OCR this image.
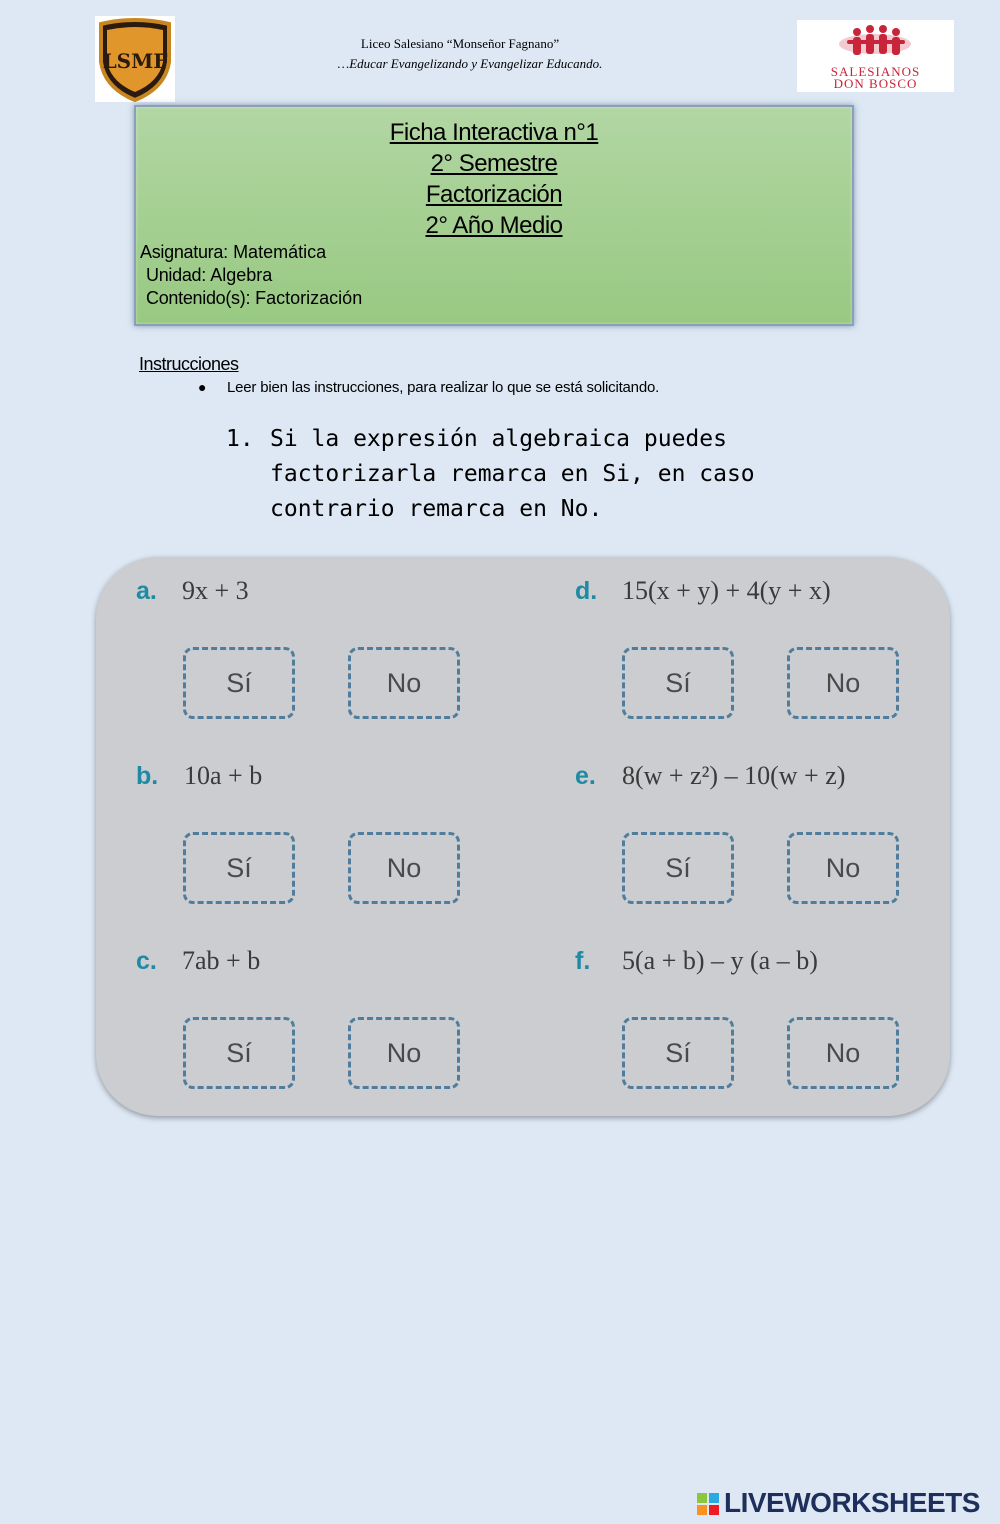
LSMF
Liceo Salesiano “Monseñor Fagnano”
…Educar Evangelizando y Evangelizar Educando.
SALESIANOS
DON BOSCO
Ficha Interactiva n°1
2° Semestre
Factorización
2° Año Medio
Asignatura: Matemática
Unidad: Algebra
Contenido(s): Factorización
Instrucciones
● Leer bien las instrucciones, para realizar lo que se está solicitando.
1. Si la expresión algebraica puedes factorizarla remarca en Si, en caso contrario remarca en No.
a. 9x + 3
Sí	No
b. 10a + b
Sí	No
c. 7ab + b
Sí	No
d. 15(x + y) + 4(y + x)
Sí	No
e. 8(w + z²) – 10(w + z)
Sí	No
f. 5(a + b) – y (a – b)
Sí	No
LIVEWORKSHEETS
